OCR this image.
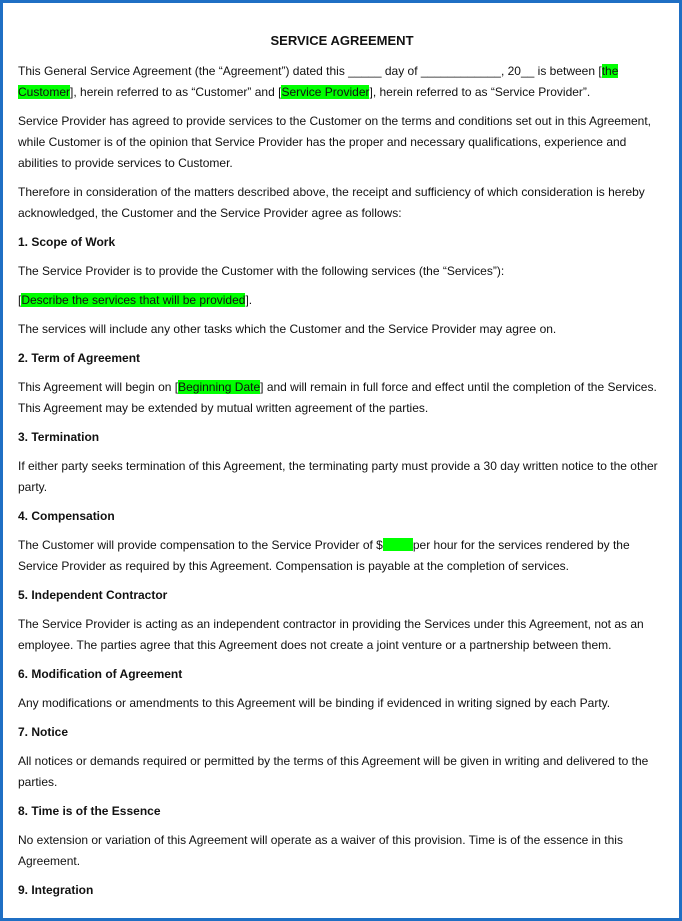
SERVICE AGREEMENT

This General Service Agreement (the “Agreement”) dated this _____ day of ____________, 20__ is between [the Customer], herein referred to as “Customer” and [Service Provider], herein referred to as “Service Provider”.

Service Provider has agreed to provide services to the Customer on the terms and conditions set out in this Agreement, while Customer is of the opinion that Service Provider has the proper and necessary qualifications, experience and abilities to provide services to Customer.

Therefore in consideration of the matters described above, the receipt and sufficiency of which consideration is hereby acknowledged, the Customer and the Service Provider agree as follows:

1. Scope of Work

The Service Provider is to provide the Customer with the following services (the “Services”):

[Describe the services that will be provided].

The services will include any other tasks which the Customer and the Service Provider may agree on.

2. Term of Agreement

This Agreement will begin on [Beginning Date] and will remain in full force and effect until the completion of the Services. This Agreement may be extended by mutual written agreement of the parties.

3. Termination

If either party seeks termination of this Agreement, the terminating party must provide a 30 day written notice to the other party.

4. Compensation

The Customer will provide compensation to the Service Provider of $	per hour for the services rendered by the Service Provider as required by this Agreement. Compensation is payable at the completion of services.

5. Independent Contractor

The Service Provider is acting as an independent contractor in providing the Services under this Agreement, not as an employee. The parties agree that this Agreement does not create a joint venture or a partnership between them.

6. Modification of Agreement

Any modifications or amendments to this Agreement will be binding if evidenced in writing signed by each Party.

7. Notice

All notices or demands required or permitted by the terms of this Agreement will be given in writing and delivered to the parties.

8. Time is of the Essence

No extension or variation of this Agreement will operate as a waiver of this provision. Time is of the essence in this Agreement.

9. Integration
